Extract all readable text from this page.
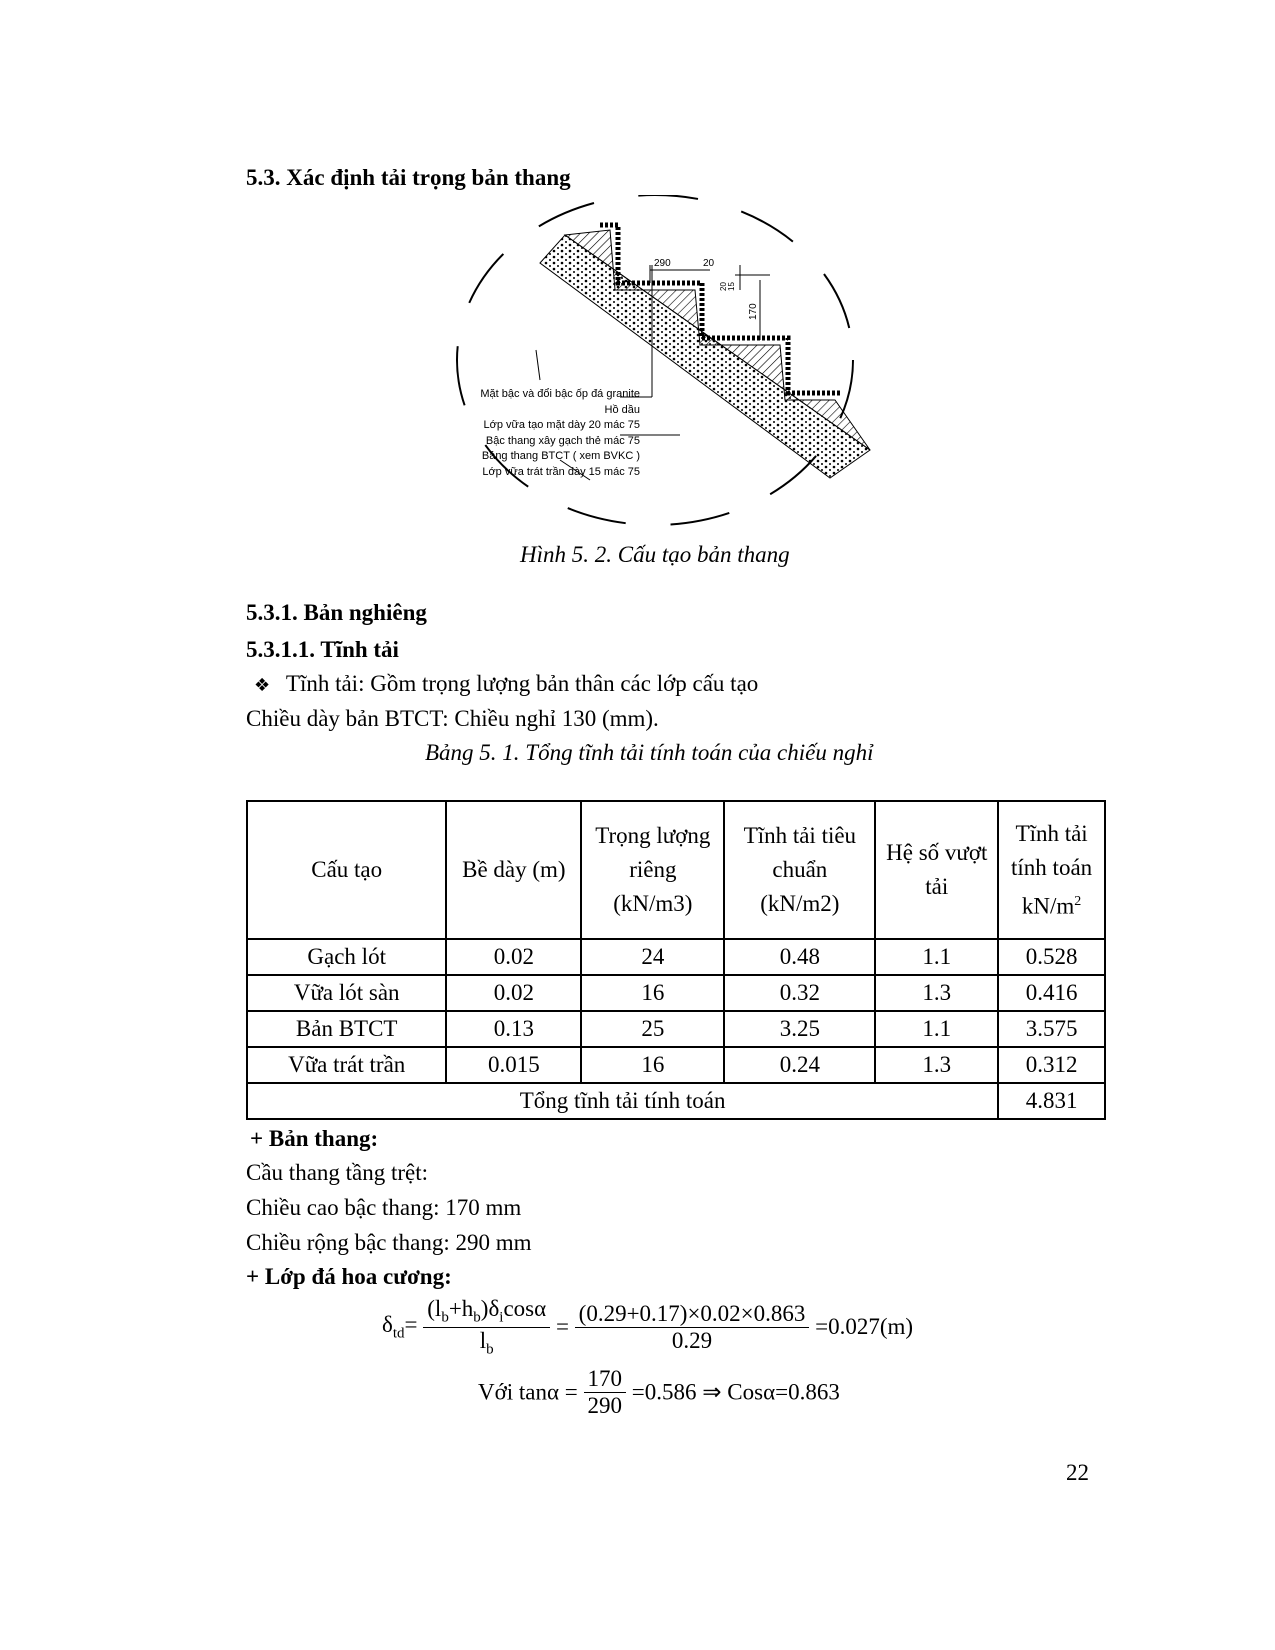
5.3. Xác định tải trọng bản thang
290	20
20 15
170
Mặt bậc và đổi bậc ốp đá granite
Hồ dầu
Lớp vữa tạo mặt dày 20 mác 75
Bậc thang xây gạch thẻ mác 75
Bảng thang BTCT ( xem BVKC )
Lớp vữa trát trần dày 15 mác 75
Hình 5. 2. Cấu tạo bản thang
5.3.1. Bản nghiêng
5.3.1.1. Tĩnh tải
❖ Tĩnh tải: Gồm trọng lượng bản thân các lớp cấu tạo
Chiều dày bản BTCT: Chiều nghỉ 130 (mm).
Bảng 5. 1. Tổng tĩnh tải tính toán của chiếu nghỉ
Cấu tạo	Bề dày (m)	Trọng lượng riêng (kN/m3)	Tĩnh tải tiêu chuẩn (kN/m2)	Hệ số vượt tải	Tĩnh tải tính toán $kN/m^2$
Gạch lót	0.02	24	0.48	1.1	0.528
Vữa lót sàn	0.02	16	0.32	1.3	0.416
Bản BTCT	0.13	25	3.25	1.1	3.575
Vữa trát trần	0.015	16	0.24	1.3	0.312
Tổng tĩnh tải tính toán					4.831
+ Bản thang:
Cầu thang tầng trệt:
Chiều cao bậc thang: 170 mm
Chiều rộng bậc thang: 290 mm
+ Lớp đá hoa cương:
$\delta_{td}= \frac{(l_b+h_b)\delta_i\cos\alpha}{l_b} = \frac{(0.29+0.17)\times 0.02\times 0.863}{0.29} =0.027(m)$
Với $\tan\alpha = \frac{170}{290} =0.586$ ⇒ Cosα=0.863
22
